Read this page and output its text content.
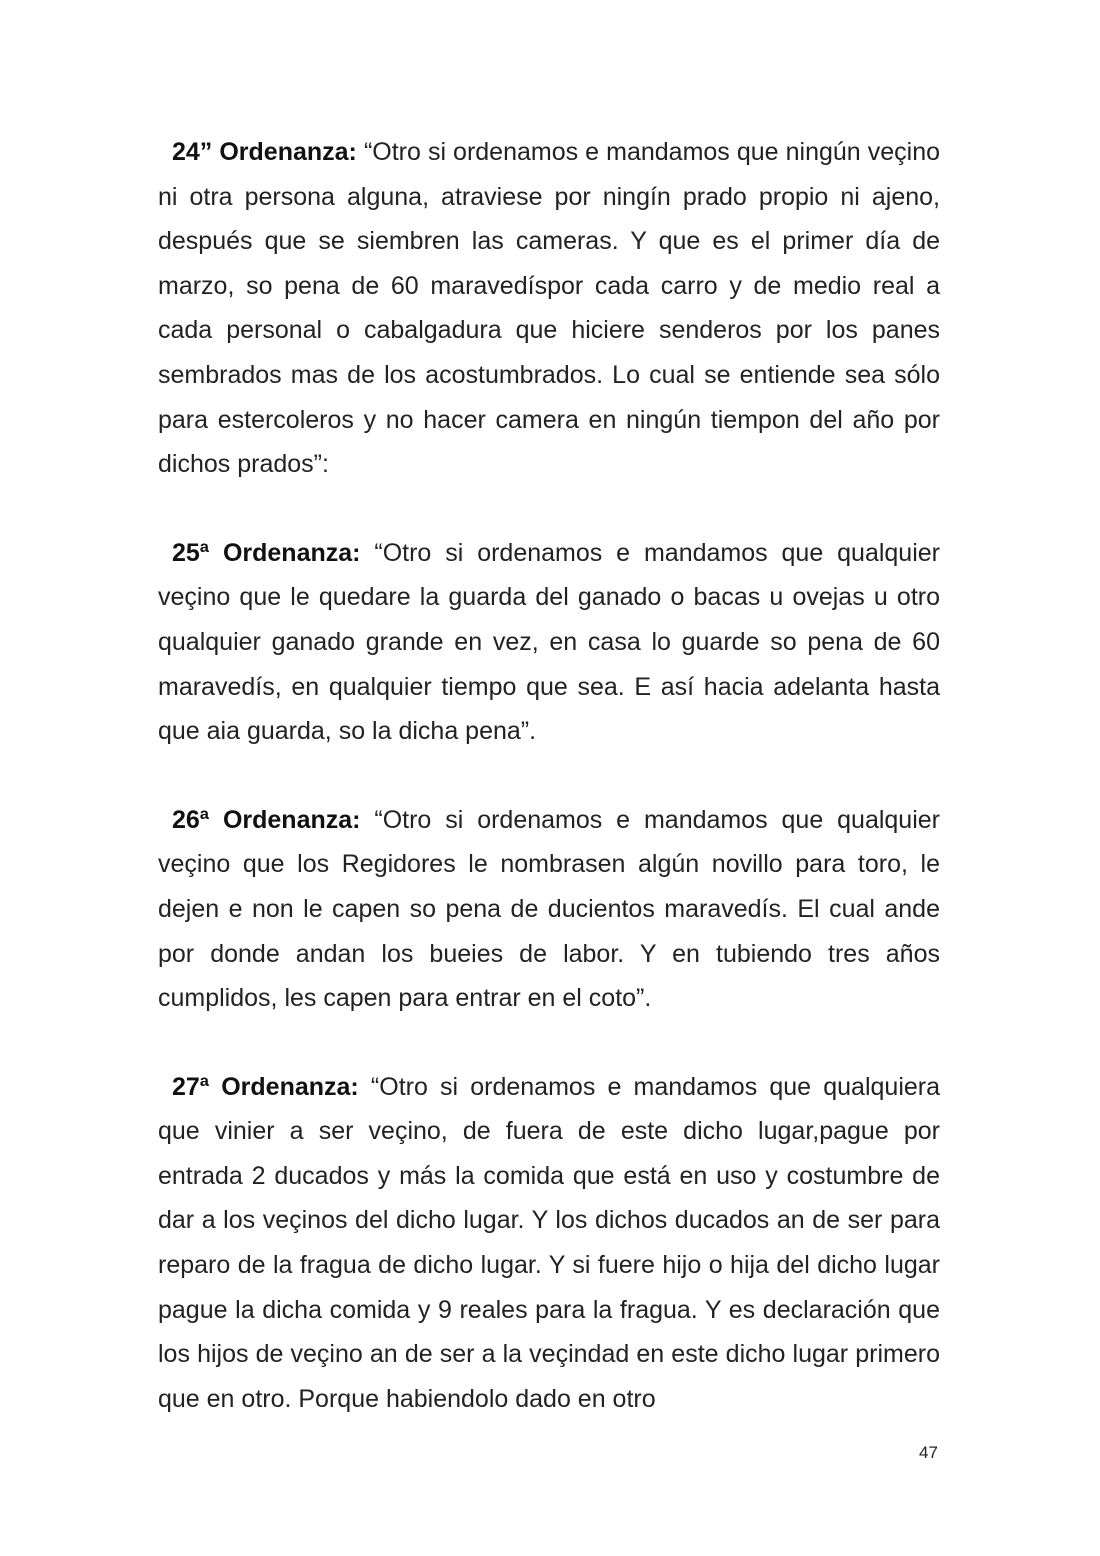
24” Ordenanza: “Otro si ordenamos e mandamos que ningún veçino ni otra persona alguna, atraviese por ningín prado propio ni ajeno, después que se siembren las cameras. Y que es el primer día de marzo, so pena de 60 maravedíspor cada carro y de medio real a cada personal o cabalgadura que hiciere senderos por los panes sembrados mas de los acostumbrados. Lo cual se entiende sea sólo para estercoleros y no hacer camera en ningún tiempon del año por dichos prados”:

25ª Ordenanza: “Otro si ordenamos e mandamos que qualquier veçino que le quedare la guarda del ganado o bacas u ovejas u otro qualquier ganado grande en vez, en casa lo guarde so pena de 60 maravedís, en qualquier tiempo que sea. E así hacia adelanta hasta que aia guarda, so la dicha pena”.

26ª Ordenanza: “Otro si ordenamos e mandamos que qualquier veçino que los Regidores le nombrasen algún novillo para toro, le dejen e non le capen so pena de ducientos maravedís. El cual ande por donde andan los bueies de labor. Y en tubiendo tres años cumplidos, les capen para entrar en el coto”.

27ª Ordenanza: “Otro si ordenamos e mandamos que qualquiera que vinier a ser veçino, de fuera de este dicho lugar,pague por entrada 2 ducados y más la comida que está en uso y costumbre de dar a los veçinos del dicho lugar. Y los dichos ducados an de ser para reparo de la fragua de dicho lugar. Y si fuere hijo o hija del dicho lugar pague la dicha comida y 9 reales para la fragua. Y es declaración que los hijos de veçino an de ser a la veçindad en este dicho lugar primero que en otro. Porque habiendolo dado en otro

47
